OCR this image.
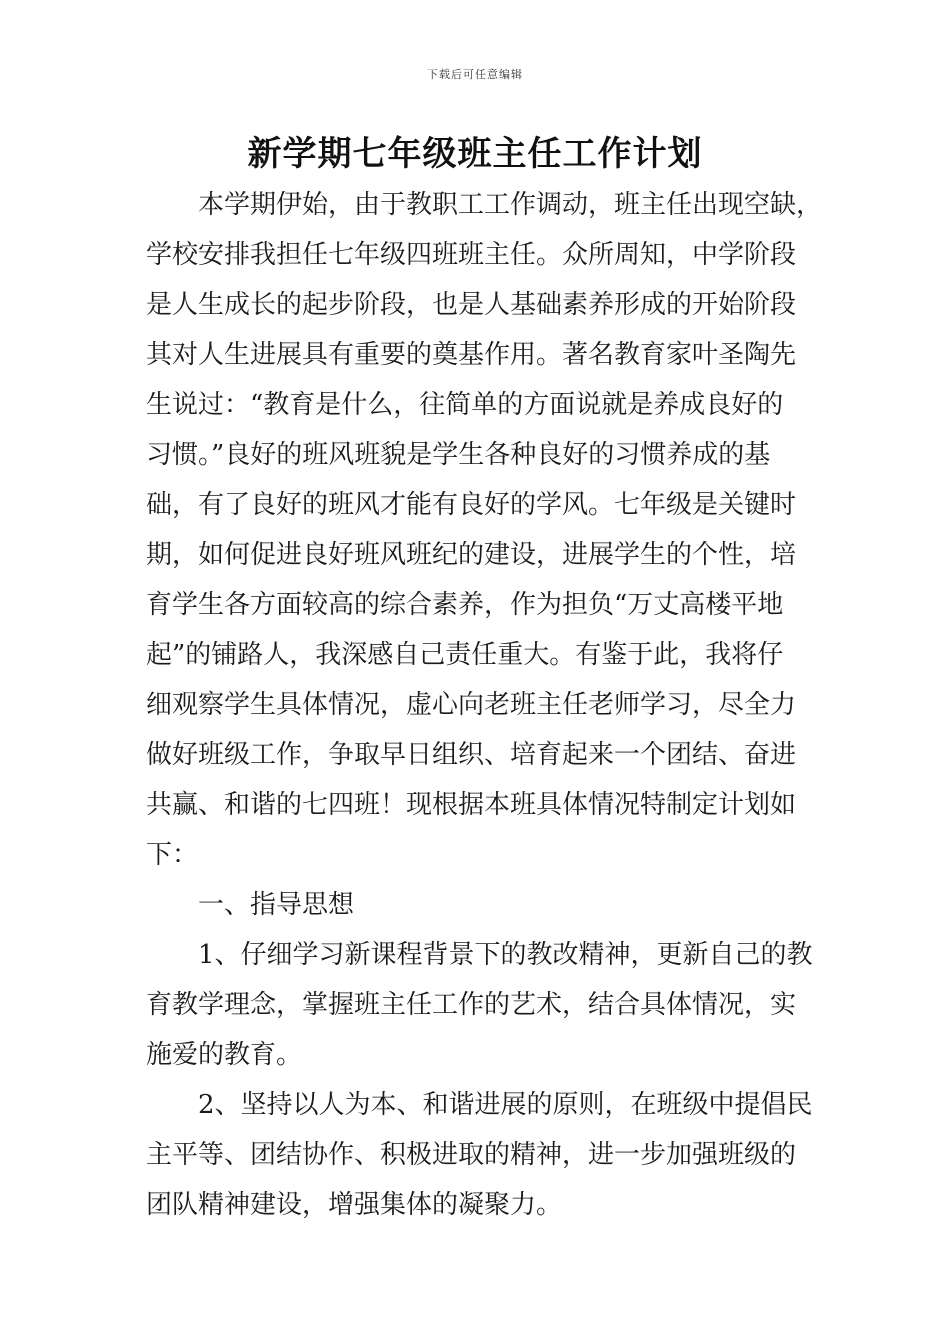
下载后可任意编辑
新学期七年级班主任工作计划
本学期伊始，由于教职工工作调动，班主任出现空缺，
学校安排我担任七年级四班班主任。众所周知，中学阶段
是人生成长的起步阶段，也是人基础素养形成的开始阶段
其对人生进展具有重要的奠基作用。著名教育家叶圣陶先
生说过：“教育是什么，往简单的方面说就是养成良好的
习惯。”良好的班风班貌是学生各种良好的习惯养成的基
础，有了良好的班风才能有良好的学风。七年级是关键时
期，如何促进良好班风班纪的建设，进展学生的个性，培
育学生各方面较高的综合素养，作为担负“万丈高楼平地
起”的铺路人，我深感自己责任重大。有鉴于此，我将仔
细观察学生具体情况，虚心向老班主任老师学习，尽全力
做好班级工作，争取早日组织、培育起来一个团结、奋进
共赢、和谐的七四班！现根据本班具体情况特制定计划如
下：
一、指导思想
1、仔细学习新课程背景下的教改精神，更新自己的教
育教学理念，掌握班主任工作的艺术，结合具体情况，实
施爱的教育。
2、坚持以人为本、和谐进展的原则，在班级中提倡民
主平等、团结协作、积极进取的精神，进一步加强班级的
团队精神建设，增强集体的凝聚力。
